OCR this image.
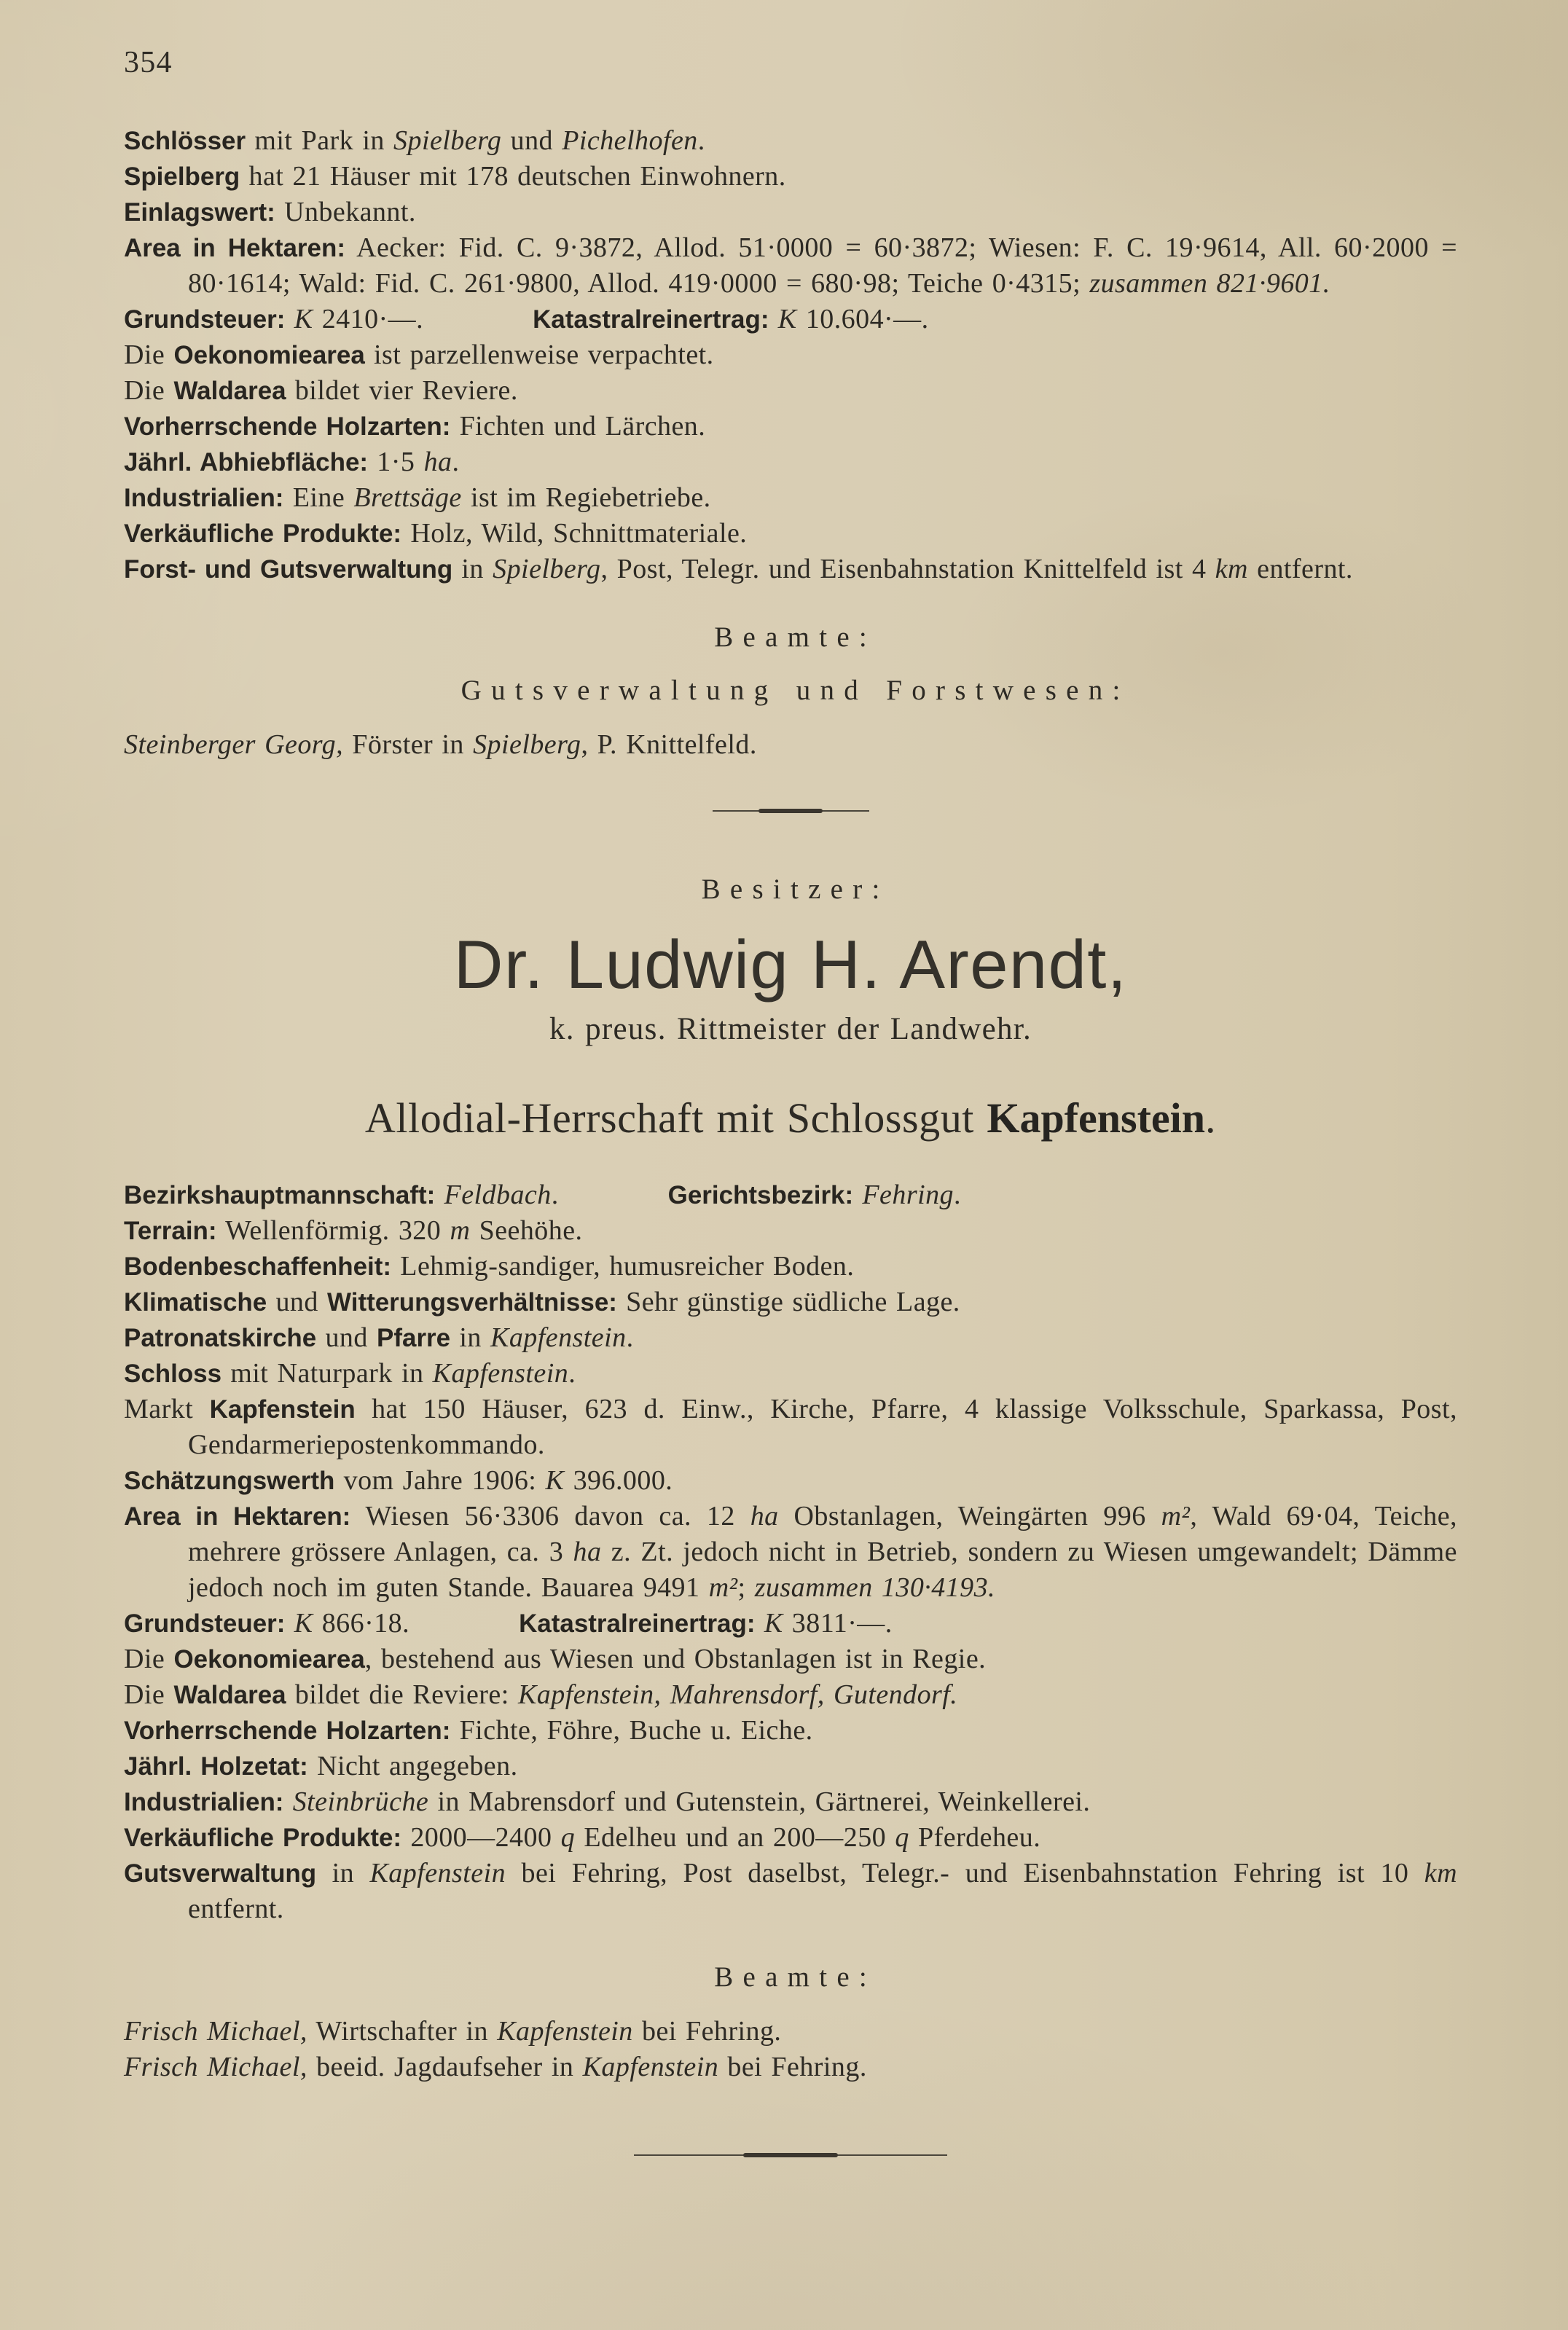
354
Schlösser mit Park in Spielberg und Pichelhofen.
Spielberg hat 21 Häuser mit 178 deutschen Einwohnern.
Einlagswert: Unbekannt.
Area in Hektaren: Aecker: Fid. C. 9·3872, Allod. 51·0000 = 60·3872; Wiesen: F. C. 19·9614, All. 60·2000 = 80·1614; Wald: Fid. C. 261·9800, Allod. 419·0000 = 680·98; Teiche 0·4315; zusammen 821·9601.
Grundsteuer: K 2410·—.	Katastralreinertrag: K 10.604·—.
Die Oekonomiearea ist parzellenweise verpachtet.
Die Waldarea bildet vier Reviere.
Vorherrschende Holzarten: Fichten und Lärchen.
Jährl. Abhiebfläche: 1·5 ha.
Industrialien: Eine Brettsäge ist im Regiebetriebe.
Verkäufliche Produkte: Holz, Wild, Schnittmateriale.
Forst- und Gutsverwaltung in Spielberg, Post, Telegr. und Eisenbahnstation Knittelfeld ist 4 km entfernt.
Beamte:
Gutsverwaltung und Forstwesen:
Steinberger Georg, Förster in Spielberg, P. Knittelfeld.
Besitzer:
Dr. Ludwig H. Arendt,
k. preus. Rittmeister der Landwehr.
Allodial-Herrschaft mit Schlossgut Kapfenstein.
Bezirkshauptmannschaft: Feldbach.	Gerichtsbezirk: Fehring.
Terrain: Wellenförmig. 320 m Seehöhe.
Bodenbeschaffenheit: Lehmig-sandiger, humusreicher Boden.
Klimatische und Witterungsverhältnisse: Sehr günstige südliche Lage.
Patronatskirche und Pfarre in Kapfenstein.
Schloss mit Naturpark in Kapfenstein.
Markt Kapfenstein hat 150 Häuser, 623 d. Einw., Kirche, Pfarre, 4 klassige Volksschule, Sparkassa, Post, Gendarmeriepostenkommando.
Schätzungswerth vom Jahre 1906: K 396.000.
Area in Hektaren: Wiesen 56·3306 davon ca. 12 ha Obstanlagen, Weingärten 996 m², Wald 69·04, Teiche, mehrere grössere Anlagen, ca. 3 ha z. Zt. jedoch nicht in Betrieb, sondern zu Wiesen umgewandelt; Dämme jedoch noch im guten Stande. Bauarea 9491 m²; zusammen 130·4193.
Grundsteuer: K 866·18.	Katastralreinertrag: K 3811·—.
Die Oekonomiearea, bestehend aus Wiesen und Obstanlagen ist in Regie.
Die Waldarea bildet die Reviere: Kapfenstein, Mahrensdorf, Gutendorf.
Vorherrschende Holzarten: Fichte, Föhre, Buche u. Eiche.
Jährl. Holzetat: Nicht angegeben.
Industrialien: Steinbrüche in Mabrensdorf und Gutenstein, Gärtnerei, Weinkellerei.
Verkäufliche Produkte: 2000—2400 q Edelheu und an 200—250 q Pferdeheu.
Gutsverwaltung in Kapfenstein bei Fehring, Post daselbst, Telegr.- und Eisenbahnstation Fehring ist 10 km entfernt.
Beamte:
Frisch Michael, Wirtschafter in Kapfenstein bei Fehring.
Frisch Michael, beeid. Jagdaufseher in Kapfenstein bei Fehring.
